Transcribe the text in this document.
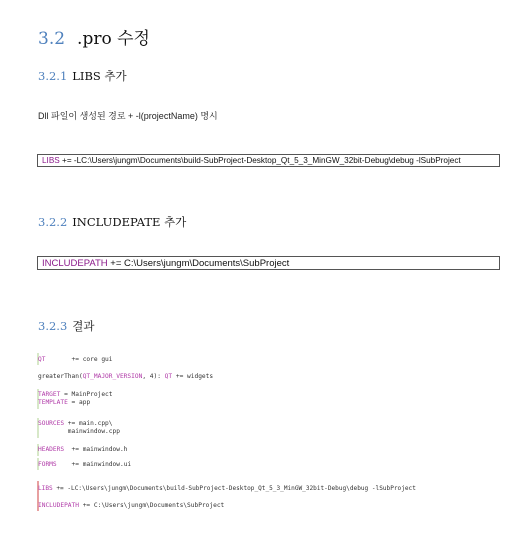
3.2 .pro 수정
3.2.1 LIBS 추가
Dll 파일이 생성된 경로 + -l(projectName) 명시
LIBS += -LC:\Users\jungm\Documents\build-SubProject-Desktop_Qt_5_3_MinGW_32bit-Debug\debug -lSubProject
3.2.2 INCLUDEPATE 추가
INCLUDEPATH += C:\Users\jungm\Documents\SubProject
3.2.3 결과
QT       += core gui
greaterThan(QT_MAJOR_VERSION, 4): QT += widgets
TARGET = MainProject
TEMPLATE = app
SOURCES += main.cpp\
mainwindow.cpp
HEADERS  += mainwindow.h
FORMS    += mainwindow.ui
LIBS += -LC:\Users\jungm\Documents\build-SubProject-Desktop_Qt_5_3_MinGW_32bit-Debug\debug -lSubProject
INCLUDEPATH += C:\Users\jungm\Documents\SubProject
